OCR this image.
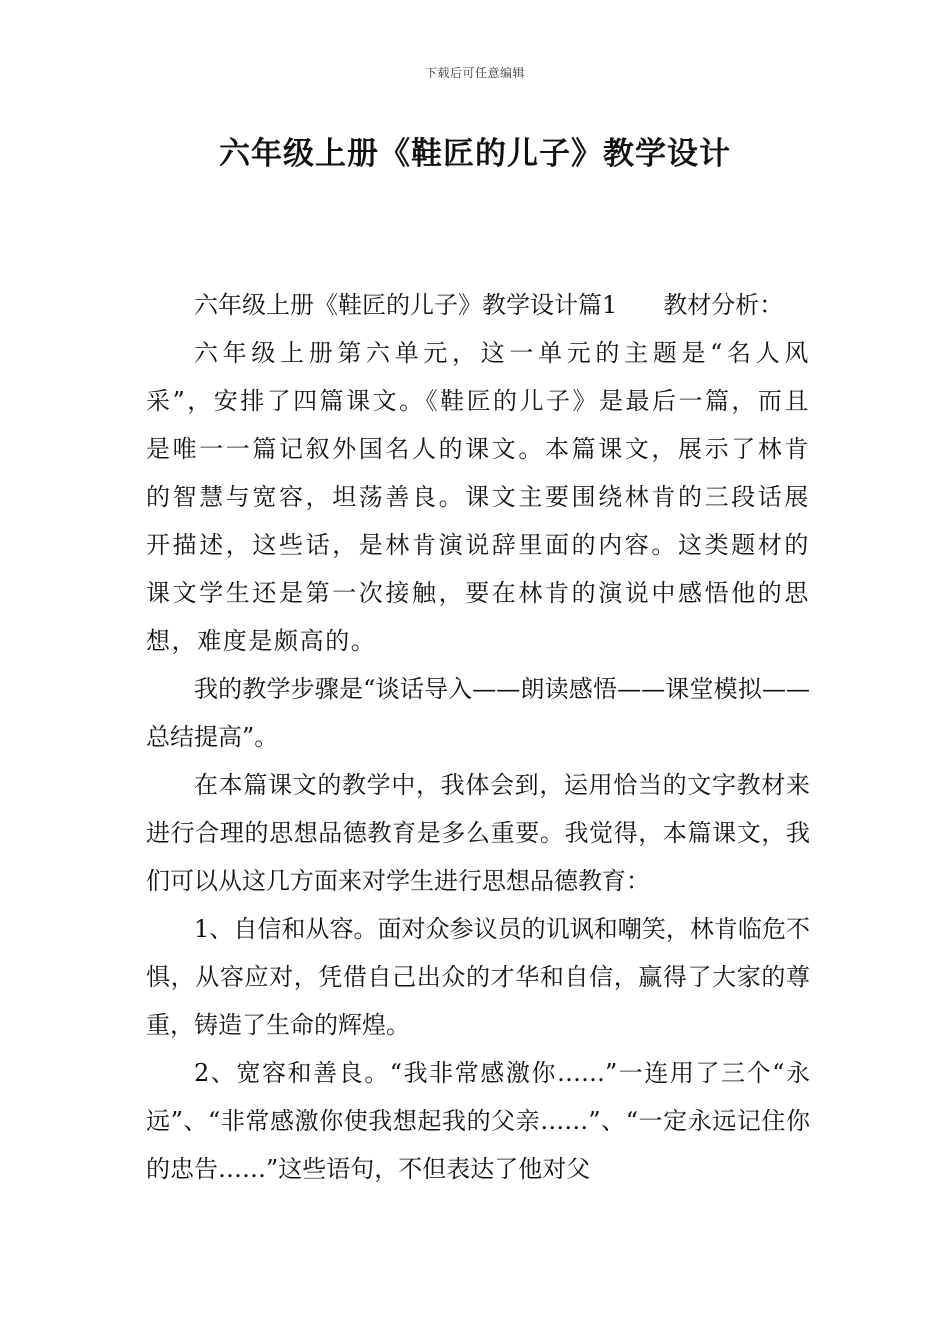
下载后可任意编辑
六年级上册《鞋匠的儿子》教学设计

六年级上册《鞋匠的儿子》教学设计篇1 教材分析：

六年级上册第六单元，这一单元的主题是“名人风采”，安排了四篇课文。《鞋匠的儿子》是最后一篇，而且是唯一一篇记叙外国名人的课文。本篇课文，展示了林肯的智慧与宽容，坦荡善良。课文主要围绕林肯的三段话展开描述，这些话，是林肯演说辞里面的内容。这类题材的课文学生还是第一次接触，要在林肯的演说中感悟他的思想，难度是颇高的。

我的教学步骤是“谈话导入——朗读感悟——课堂模拟——总结提高”。

在本篇课文的教学中，我体会到，运用恰当的文字教材来进行合理的思想品德教育是多么重要。我觉得，本篇课文，我们可以从这几方面来对学生进行思想品德教育：

1、自信和从容。面对众参议员的讥讽和嘲笑，林肯临危不惧，从容应对，凭借自己出众的才华和自信，赢得了大家的尊重，铸造了生命的辉煌。

2、宽容和善良。“我非常感激你……”一连用了三个“永远”、“非常感激你使我想起我的父亲……”、“一定永远记住你的忠告……”这些语句，不但表达了他对父
